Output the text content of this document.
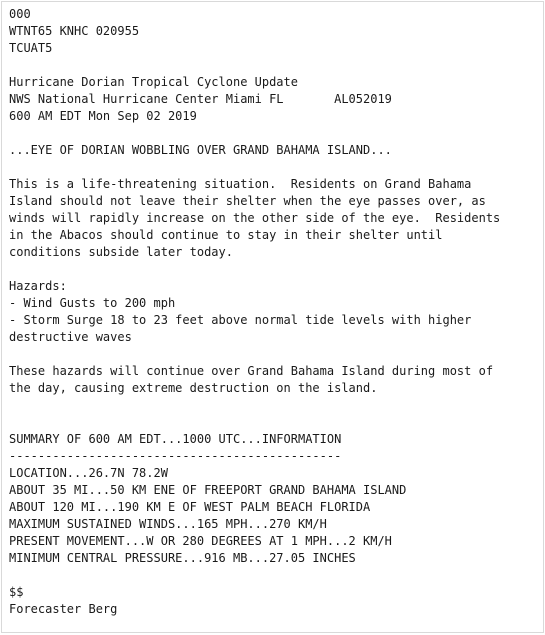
000
WTNT65 KNHC 020955
TCUAT5
Hurricane Dorian Tropical Cyclone Update
NWS National Hurricane Center Miami FL       AL052019
600 AM EDT Mon Sep 02 2019
...EYE OF DORIAN WOBBLING OVER GRAND BAHAMA ISLAND...
This is a life-threatening situation.  Residents on Grand Bahama
Island should not leave their shelter when the eye passes over, as
winds will rapidly increase on the other side of the eye.  Residents
in the Abacos should continue to stay in their shelter until
conditions subside later today.
Hazards:
- Wind Gusts to 200 mph
- Storm Surge 18 to 23 feet above normal tide levels with higher
destructive waves
These hazards will continue over Grand Bahama Island during most of
the day, causing extreme destruction on the island.
SUMMARY OF 600 AM EDT...1000 UTC...INFORMATION
----------------------------------------------
LOCATION...26.7N 78.2W
ABOUT 35 MI...50 KM ENE OF FREEPORT GRAND BAHAMA ISLAND
ABOUT 120 MI...190 KM E OF WEST PALM BEACH FLORIDA
MAXIMUM SUSTAINED WINDS...165 MPH...270 KM/H
PRESENT MOVEMENT...W OR 280 DEGREES AT 1 MPH...2 KM/H
MINIMUM CENTRAL PRESSURE...916 MB...27.05 INCHES
$$
Forecaster Berg
